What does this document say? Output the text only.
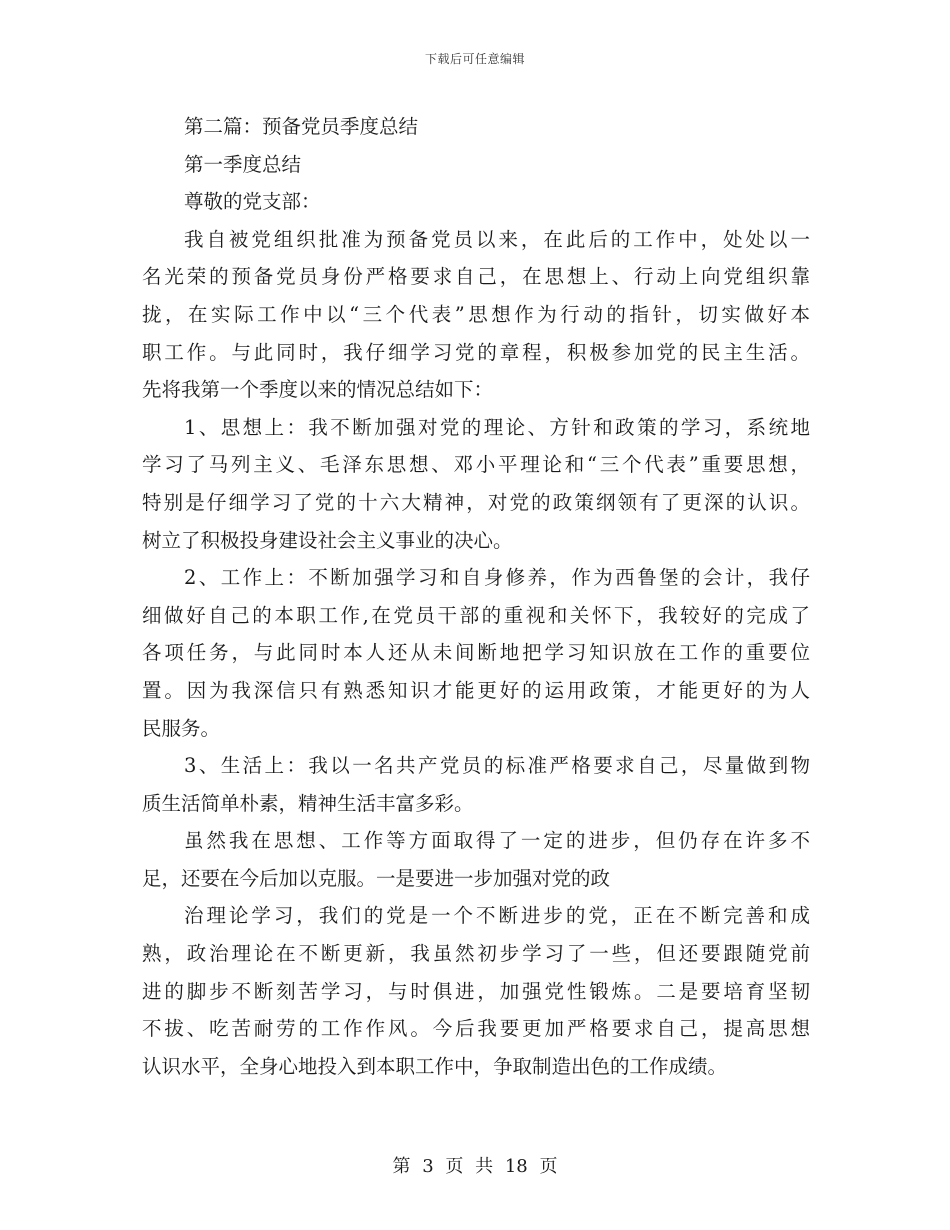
下载后可任意编辑
第二篇：预备党员季度总结
第一季度总结
尊敬的党支部：
我自被党组织批准为预备党员以来，在此后的工作中，处处以一
名光荣的预备党员身份严格要求自己，在思想上、行动上向党组织靠
拢，在实际工作中以“三个代表”思想作为行动的指针，切实做好本
职工作。与此同时，我仔细学习党的章程，积极参加党的民主生活。
先将我第一个季度以来的情况总结如下：
1、思想上：我不断加强对党的理论、方针和政策的学习，系统地
学习了马列主义、毛泽东思想、邓小平理论和“三个代表”重要思想，
特别是仔细学习了党的十六大精神，对党的政策纲领有了更深的认识。
树立了积极投身建设社会主义事业的决心。
2、工作上：不断加强学习和自身修养，作为西鲁堡的会计，我仔
细做好自己的本职工作,在党员干部的重视和关怀下，我较好的完成了
各项任务，与此同时本人还从未间断地把学习知识放在工作的重要位
置。因为我深信只有熟悉知识才能更好的运用政策，才能更好的为人
民服务。
3、生活上：我以一名共产党员的标准严格要求自己，尽量做到物
质生活简单朴素，精神生活丰富多彩。
虽然我在思想、工作等方面取得了一定的进步，但仍存在许多不
足，还要在今后加以克服。一是要进一步加强对党的政
治理论学习，我们的党是一个不断进步的党，正在不断完善和成
熟，政治理论在不断更新，我虽然初步学习了一些，但还要跟随党前
进的脚步不断刻苦学习，与时俱进，加强党性锻炼。二是要培育坚韧
不拔、吃苦耐劳的工作作风。今后我要更加严格要求自己，提高思想
认识水平，全身心地投入到本职工作中，争取制造出色的工作成绩。
第 3 页 共 18 页
